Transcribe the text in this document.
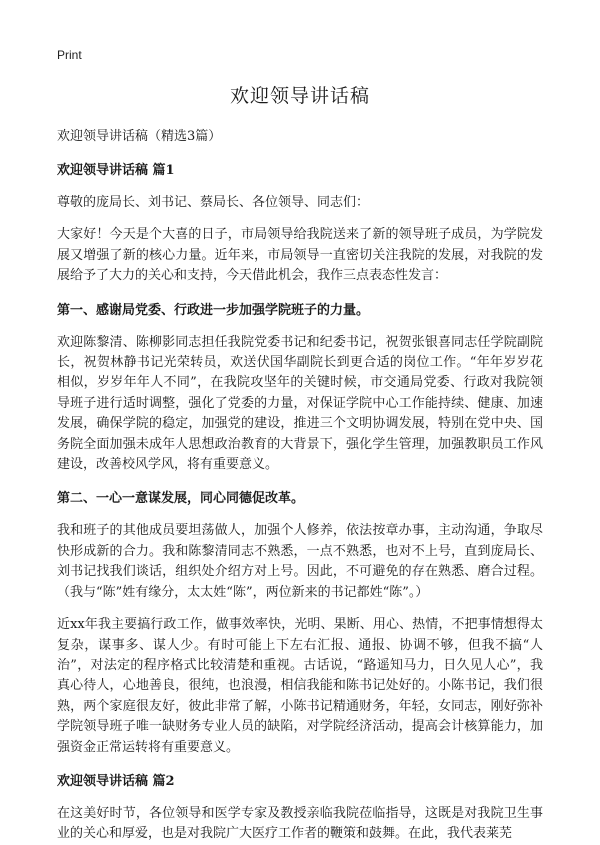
Print
欢迎领导讲话稿

欢迎领导讲话稿（精选3篇）

欢迎领导讲话稿 篇1

尊敬的庞局长、刘书记、蔡局长、各位领导、同志们：

大家好！今天是个大喜的日子，市局领导给我院送来了新的领导班子成员，为学院发展又增强了新的核心力量。近年来，市局领导一直密切关注我院的发展，对我院的发展给予了大力的关心和支持，今天借此机会，我作三点表态性发言：

第一、感谢局党委、行政进一步加强学院班子的力量。

欢迎陈黎清、陈柳影同志担任我院党委书记和纪委书记，祝贺张银喜同志任学院副院长，祝贺林静书记光荣转员，欢送伏国华副院长到更合适的岗位工作。“年年岁岁花相似，岁岁年年人不同”，在我院攻坚年的关键时候，市交通局党委、行政对我院领导班子进行适时调整，强化了党委的力量，对保证学院中心工作能持续、健康、加速发展，确保学院的稳定，加强党的建设，推进三个文明协调发展，特别在党中央、国务院全面加强未成年人思想政治教育的大背景下，强化学生管理，加强教职员工作风建设，改善校风学风，将有重要意义。

第二、一心一意谋发展，同心同德促改革。

我和班子的其他成员要坦荡做人，加强个人修养，依法按章办事，主动沟通，争取尽快形成新的合力。我和陈黎清同志不熟悉，一点不熟悉，也对不上号，直到庞局长、刘书记找我们谈话，组织处介绍方对上号。因此，不可避免的存在熟悉、磨合过程。（我与“陈”姓有缘分，太太姓“陈”，两位新来的书记都姓“陈”。）

近xx年我主要搞行政工作，做事效率快，光明、果断、用心、热情，不把事情想得太复杂，谋事多、谋人少。有时可能上下左右汇报、通报、协调不够，但我不搞“人治”，对法定的程序格式比较清楚和重视。古话说，“路遥知马力，日久见人心”，我真心待人，心地善良，很纯，也浪漫，相信我能和陈书记处好的。小陈书记，我们很熟，两个家庭很友好，彼此非常了解，小陈书记精通财务，年轻，女同志，刚好弥补学院领导班子唯一缺财务专业人员的缺陷，对学院经济活动，提高会计核算能力，加强资金正常运转将有重要意义。

欢迎领导讲话稿 篇2

在这美好时节，各位领导和医学专家及教授亲临我院莅临指导，这既是对我院卫生事业的关心和厚爱，也是对我院广大医疗工作者的鞭策和鼓舞。在此，我代表莱芜
